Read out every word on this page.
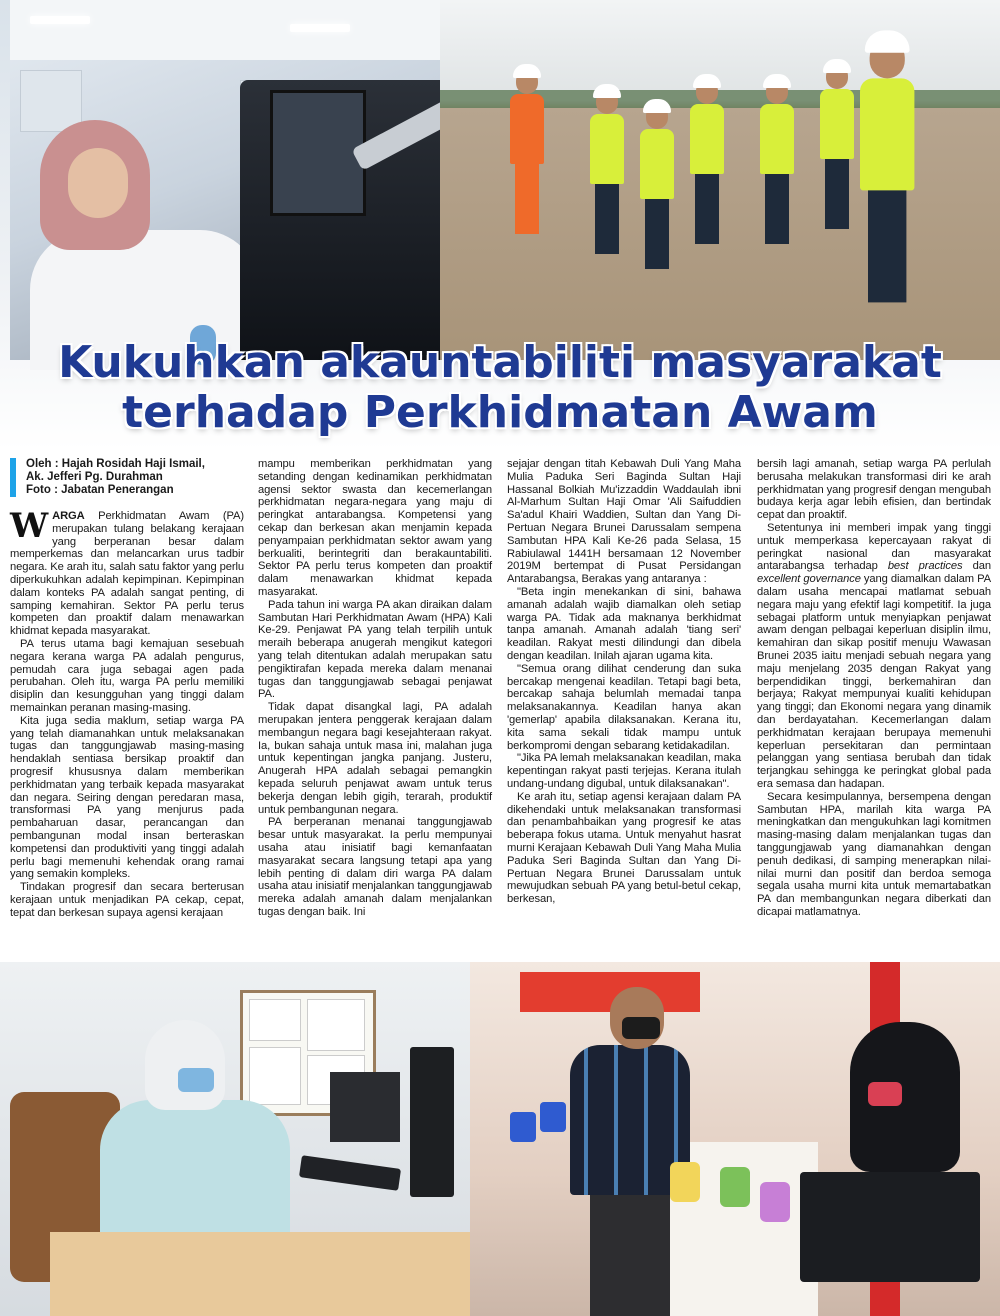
Kukuhkan akauntabiliti masyarakat
terhadap Perkhidmatan Awam
Oleh : Hajah Rosidah Haji Ismail,
Ak. Jefferi Pg. Durahman
Foto : Jabatan Penerangan

WARGA Perkhidmatan Awam (PA) merupakan tulang belakang kerajaan yang berperanan besar dalam memperkemas dan melancarkan urus tadbir negara. Ke arah itu, salah satu faktor yang perlu diperkukuhkan adalah kepimpinan. Kepimpinan dalam konteks PA adalah sangat penting, di samping kemahiran. Sektor PA perlu terus kompeten dan proaktif dalam menawarkan khidmat kepada masyarakat.

PA terus utama bagi kemajuan sesebuah negara kerana warga PA adalah pengurus, pemudah cara juga sebagai agen pada perubahan. Oleh itu, warga PA perlu memiliki disiplin dan kesungguhan yang tinggi dalam memainkan peranan masing-masing.

Kita juga sedia maklum, setiap warga PA yang telah diamanahkan untuk melaksanakan tugas dan tanggungjawab masing-masing hendaklah sentiasa bersikap proaktif dan progresif khususnya dalam memberikan perkhidmatan yang terbaik kepada masyarakat dan negara. Seiring dengan peredaran masa, transformasi PA yang menjurus pada pembaharuan dasar, perancangan dan pembangunan modal insan berteraskan kompetensi dan produktiviti yang tinggi adalah perlu bagi memenuhi kehendak orang ramai yang semakin kompleks.

Tindakan progresif dan secara berterusan kerajaan untuk menjadikan PA cekap, cepat, tepat dan berkesan supaya agensi kerajaan

mampu memberikan perkhidmatan yang setanding dengan kedinamikan perkhidmatan agensi sektor swasta dan kecemerlangan perkhidmatan negara-negara yang maju di peringkat antarabangsa. Kompetensi yang cekap dan berkesan akan menjamin kepada penyampaian perkhidmatan sektor awam yang berkualiti, berintegriti dan berakauntabiliti. Sektor PA perlu terus kompeten dan proaktif dalam menawarkan khidmat kepada masyarakat.

Pada tahun ini warga PA akan diraikan dalam Sambutan Hari Perkhidmatan Awam (HPA) Kali Ke-29. Penjawat PA yang telah terpilih untuk meraih beberapa anugerah mengikut kategori yang telah ditentukan adalah merupakan satu pengiktirafan kepada mereka dalam menanai tugas dan tanggungjawab sebagai penjawat PA.

Tidak dapat disangkal lagi, PA adalah merupakan jentera penggerak kerajaan dalam membangun negara bagi kesejahteraan rakyat. Ia, bukan sahaja untuk masa ini, malahan juga untuk kepentingan jangka panjang. Justeru, Anugerah HPA adalah sebagai pemangkin kepada seluruh penjawat awam untuk terus bekerja dengan lebih gigih, terarah, produktif untuk pembangunan negara.

PA berperanan menanai tanggungjawab besar untuk masyarakat. Ia perlu mempunyai usaha atau inisiatif bagi kemanfaatan masyarakat secara langsung tetapi apa yang lebih penting di dalam diri warga PA dalam usaha atau inisiatif menjalankan tanggungjawab mereka adalah amanah dalam menjalankan tugas dengan baik. Ini

sejajar dengan titah Kebawah Duli Yang Maha Mulia Paduka Seri Baginda Sultan Haji Hassanal Bolkiah Mu'izzaddin Waddaulah ibni Al-Marhum Sultan Haji Omar 'Ali Saifuddien Sa'adul Khairi Waddien, Sultan dan Yang Di-Pertuan Negara Brunei Darussalam sempena Sambutan HPA Kali Ke-26 pada Selasa, 15 Rabiulawal 1441H bersamaan 12 November 2019M bertempat di Pusat Persidangan Antarabangsa, Berakas yang antaranya :

"Beta ingin menekankan di sini, bahawa amanah adalah wajib diamalkan oleh setiap warga PA. Tidak ada maknanya berkhidmat tanpa amanah. Amanah adalah 'tiang seri' keadilan. Rakyat mesti dilindungi dan dibela dengan keadilan. Inilah ajaran ugama kita.

"Semua orang dilihat cenderung dan suka bercakap mengenai keadilan. Tetapi bagi beta, bercakap sahaja belumlah memadai tanpa melaksanakannya. Keadilan hanya akan 'gemerlap' apabila dilaksanakan. Kerana itu, kita sama sekali tidak mampu untuk berkompromi dengan sebarang ketidakadilan.

"Jika PA lemah melaksanakan keadilan, maka kepentingan rakyat pasti terjejas. Kerana itulah undang-undang digubal, untuk dilaksanakan".

Ke arah itu, setiap agensi kerajaan dalam PA dikehendaki untuk melaksanakan transformasi dan penambahbaikan yang progresif ke atas beberapa fokus utama. Untuk menyahut hasrat murni Kerajaan Kebawah Duli Yang Maha Mulia Paduka Seri Baginda Sultan dan Yang Di-Pertuan Negara Brunei Darussalam untuk mewujudkan sebuah PA yang betul-betul cekap, berkesan,

bersih lagi amanah, setiap warga PA perlulah berusaha melakukan transformasi diri ke arah perkhidmatan yang progresif dengan mengubah budaya kerja agar lebih efisien, dan bertindak cepat dan proaktif.

Setentunya ini memberi impak yang tinggi untuk memperkasa kepercayaan rakyat di peringkat nasional dan masyarakat antarabangsa terhadap best practices dan excellent governance yang diamalkan dalam PA dalam usaha mencapai matlamat sebuah negara maju yang efektif lagi kompetitif. Ia juga sebagai platform untuk menyiapkan penjawat awam dengan pelbagai keperluan disiplin ilmu, kemahiran dan sikap positif menuju Wawasan Brunei 2035 iaitu menjadi sebuah negara yang maju menjelang 2035 dengan Rakyat yang berpendidikan tinggi, berkemahiran dan berjaya; Rakyat mempunyai kualiti kehidupan yang tinggi; dan Ekonomi negara yang dinamik dan berdayatahan. Kecemerlangan dalam perkhidmatan kerajaan berupaya memenuhi keperluan persekitaran dan permintaan pelanggan yang sentiasa berubah dan tidak terjangkau sehingga ke peringkat global pada era semasa dan hadapan.

Secara kesimpulannya, bersempena dengan Sambutan HPA, marilah kita warga PA meningkatkan dan mengukuhkan lagi komitmen masing-masing dalam menjalankan tugas dan tanggungjawab yang diamanahkan dengan penuh dedikasi, di samping menerapkan nilai-nilai murni dan positif dan berdoa semoga segala usaha murni kita untuk memartabatkan PA dan membangunkan negara diberkati dan dicapai matlamatnya.
